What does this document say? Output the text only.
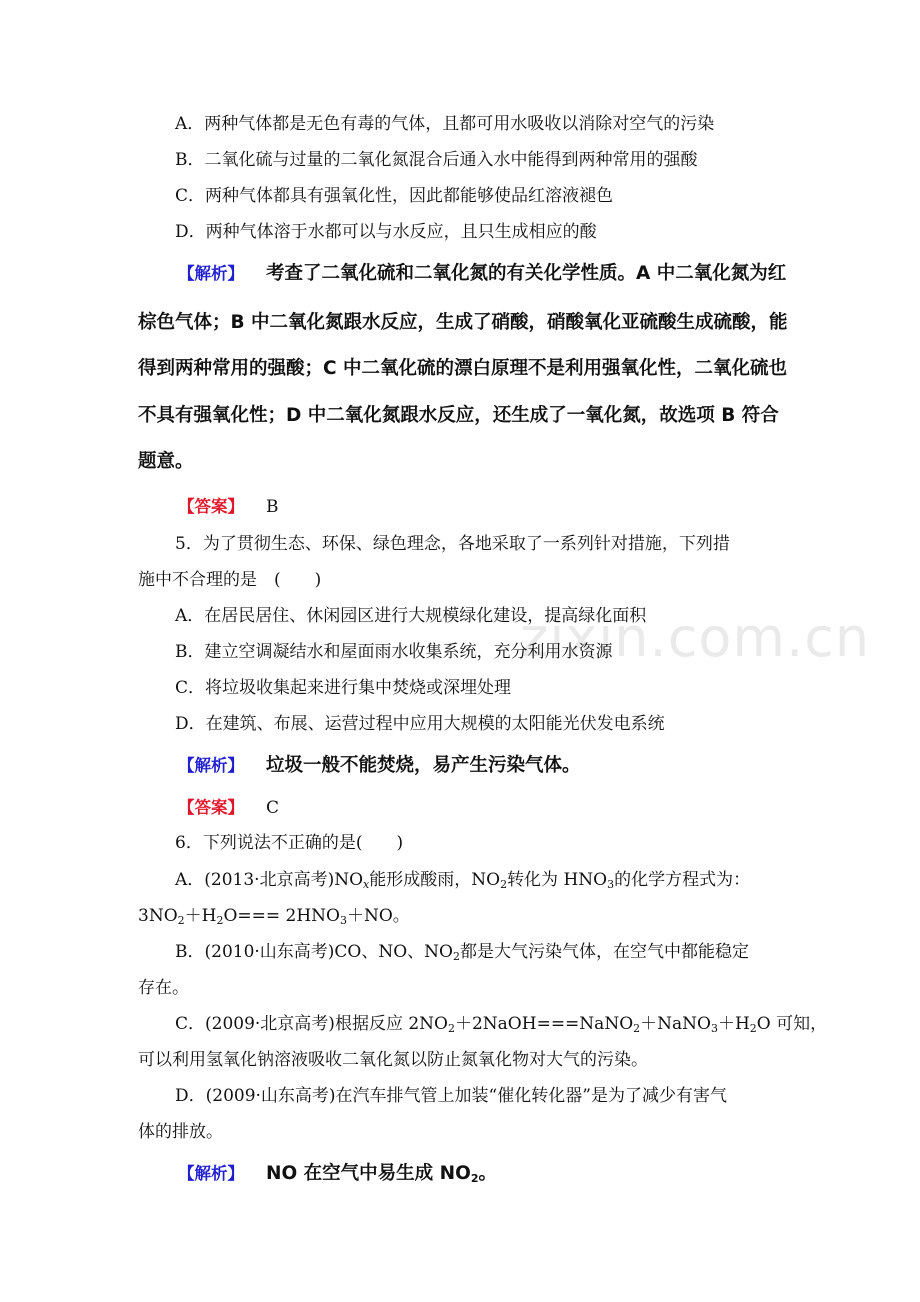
zixin.com.cn
A．两种气体都是无色有毒的气体，且都可用水吸收以消除对空气的污染
B．二氧化硫与过量的二氧化氮混合后通入水中能得到两种常用的强酸
C．两种气体都具有强氧化性，因此都能够使品红溶液褪色
D．两种气体溶于水都可以与水反应，且只生成相应的酸
【解析】 考查了二氧化硫和二氧化氮的有关化学性质。A 中二氧化氮为红
棕色气体；B 中二氧化氮跟水反应，生成了硝酸，硝酸氧化亚硫酸生成硫酸，能
得到两种常用的强酸；C 中二氧化硫的漂白原理不是利用强氧化性，二氧化硫也
不具有强氧化性；D 中二氧化氮跟水反应，还生成了一氧化氮，故选项 B 符合
题意。
【答案】 B
5．为了贯彻生态、环保、绿色理念，各地采取了一系列针对措施，下列措
施中不合理的是　(　　)
A．在居民居住、休闲园区进行大规模绿化建设，提高绿化面积
B．建立空调凝结水和屋面雨水收集系统，充分利用水资源
C．将垃圾收集起来进行集中焚烧或深埋处理
D．在建筑、布展、运营过程中应用大规模的太阳能光伏发电系统
【解析】 垃圾一般不能焚烧，易产生污染气体。
【答案】 C
6．下列说法不正确的是(　　)
A．(2013·北京高考)$NO_x$能形成酸雨，$NO_2$转化为 $HNO_3$的化学方程式为：
$3NO_2+H_2O=== 2HNO_3+NO$。
B．(2010·山东高考)CO、NO、$NO_2$都是大气污染气体，在空气中都能稳定
存在。
C．(2009·北京高考)根据反应 $2NO_2+2NaOH===NaNO_2+NaNO_3+H_2O$ 可知，
可以利用氢氧化钠溶液吸收二氧化氮以防止氮氧化物对大气的污染。
D．(2009·山东高考)在汽车排气管上加装“催化转化器”是为了减少有害气
体的排放。
【解析】 NO 在空气中易生成 $NO_2$。
